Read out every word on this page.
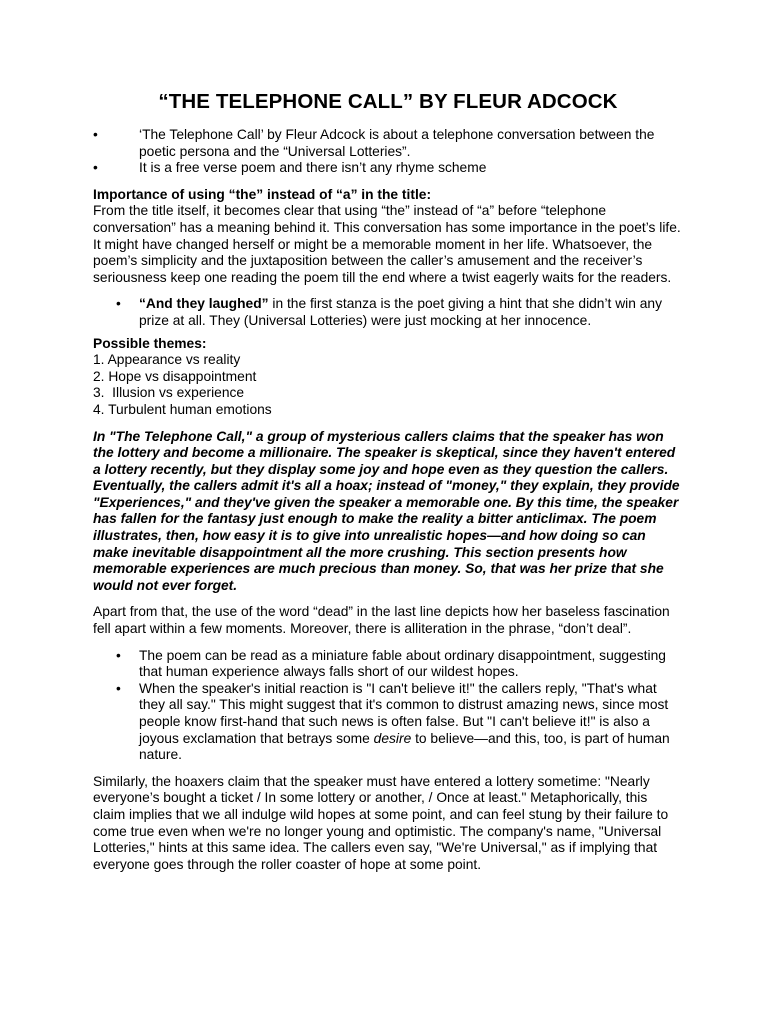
“THE TELEPHONE CALL” BY FLEUR ADCOCK
•	‘The Telephone Call’ by Fleur Adcock is about a telephone conversation between the poetic persona and the “Universal Lotteries”.
•	It is a free verse poem and there isn’t any rhyme scheme

Importance of using “the” instead of “a” in the title:

From the title itself, it becomes clear that using “the” instead of “a” before “telephone conversation” has a meaning behind it. This conversation has some importance in the poet’s life. It might have changed herself or might be a memorable moment in her life. Whatsoever, the poem’s simplicity and the juxtaposition between the caller’s amusement and the receiver’s seriousness keep one reading the poem till the end where a twist eagerly waits for the readers.

•	“And they laughed” in the first stanza is the poet giving a hint that she didn’t win any prize at all. They (Universal Lotteries) were just mocking at her innocence.

Possible themes:

1. Appearance vs reality
2. Hope vs disappointment
3.  Illusion vs experience
4. Turbulent human emotions

In "The Telephone Call," a group of mysterious callers claims that the speaker has won the lottery and become a millionaire. The speaker is skeptical, since they haven't entered a lottery recently, but they display some joy and hope even as they question the callers. Eventually, the callers admit it's all a hoax; instead of "money," they explain, they provide "Experiences," and they've given the speaker a memorable one. By this time, the speaker has fallen for the fantasy just enough to make the reality a bitter anticlimax. The poem illustrates, then, how easy it is to give into unrealistic hopes—and how doing so can make inevitable disappointment all the more crushing. This section presents how memorable experiences are much precious than money. So, that was her prize that she would not ever forget.

Apart from that, the use of the word “dead” in the last line depicts how her baseless fascination fell apart within a few moments. Moreover, there is alliteration in the phrase, “don’t deal”.

•	The poem can be read as a miniature fable about ordinary disappointment, suggesting that human experience always falls short of our wildest hopes.
•	When the speaker's initial reaction is "I can't believe it!" the callers reply, "That's what they all say." This might suggest that it's common to distrust amazing news, since most people know first-hand that such news is often false. But "I can't believe it!" is also a joyous exclamation that betrays some desire to believe—and this, too, is part of human nature.

Similarly, the hoaxers claim that the speaker must have entered a lottery sometime: "Nearly everyone’s bought a ticket / In some lottery or another, / Once at least." Metaphorically, this claim implies that we all indulge wild hopes at some point, and can feel stung by their failure to come true even when we're no longer young and optimistic. The company's name, "Universal Lotteries," hints at this same idea. The callers even say, "We're Universal," as if implying that everyone goes through the roller coaster of hope at some point.
